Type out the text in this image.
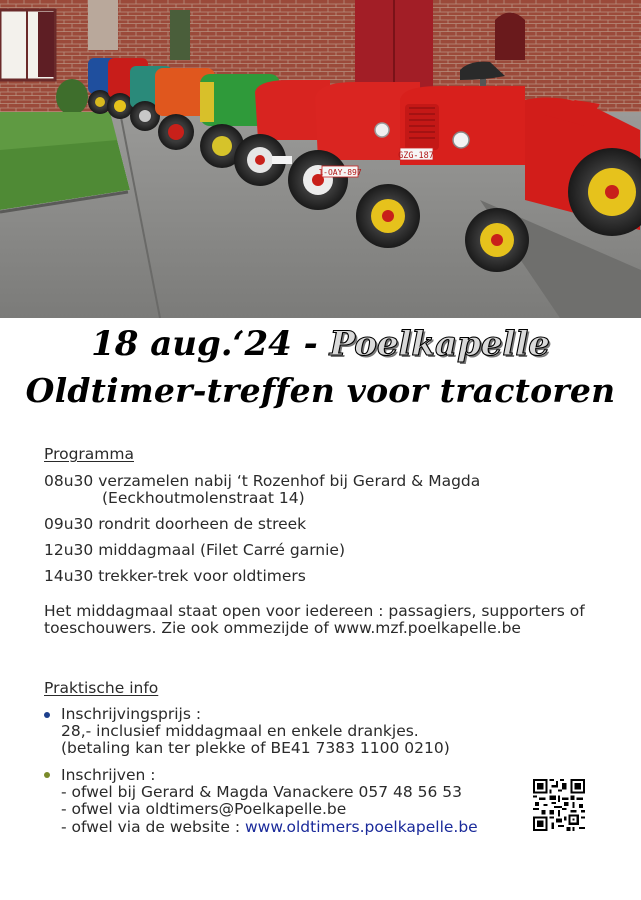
1-OAY-897
GZG-187
18 aug.‘24 - Poelkapelle
Oldtimer-treffen voor tractoren
Programma
08u30 verzamelen nabij ‘t Rozenhof bij Gerard & Magda
(Eeckhoutmolenstraat 14)
09u30 rondrit doorheen de streek
12u30 middagmaal (Filet Carré garnie)
14u30 trekker-trek voor oldtimers
Het middagmaal staat open voor iedereen : passagiers, supporters of
toeschouwers. Zie ook ommezijde of www.mzf.poelkapelle.be
Praktische info
Inschrijvingsprijs :
28,- inclusief middagmaal en enkele drankjes.
(betaling kan ter plekke of BE41 7383 1100 0210)
Inschrijven :
- ofwel bij Gerard & Magda Vanackere 057 48 56 53
- ofwel via oldtimers@Poelkapelle.be
- ofwel via de website : www.oldtimers.poelkapelle.be
